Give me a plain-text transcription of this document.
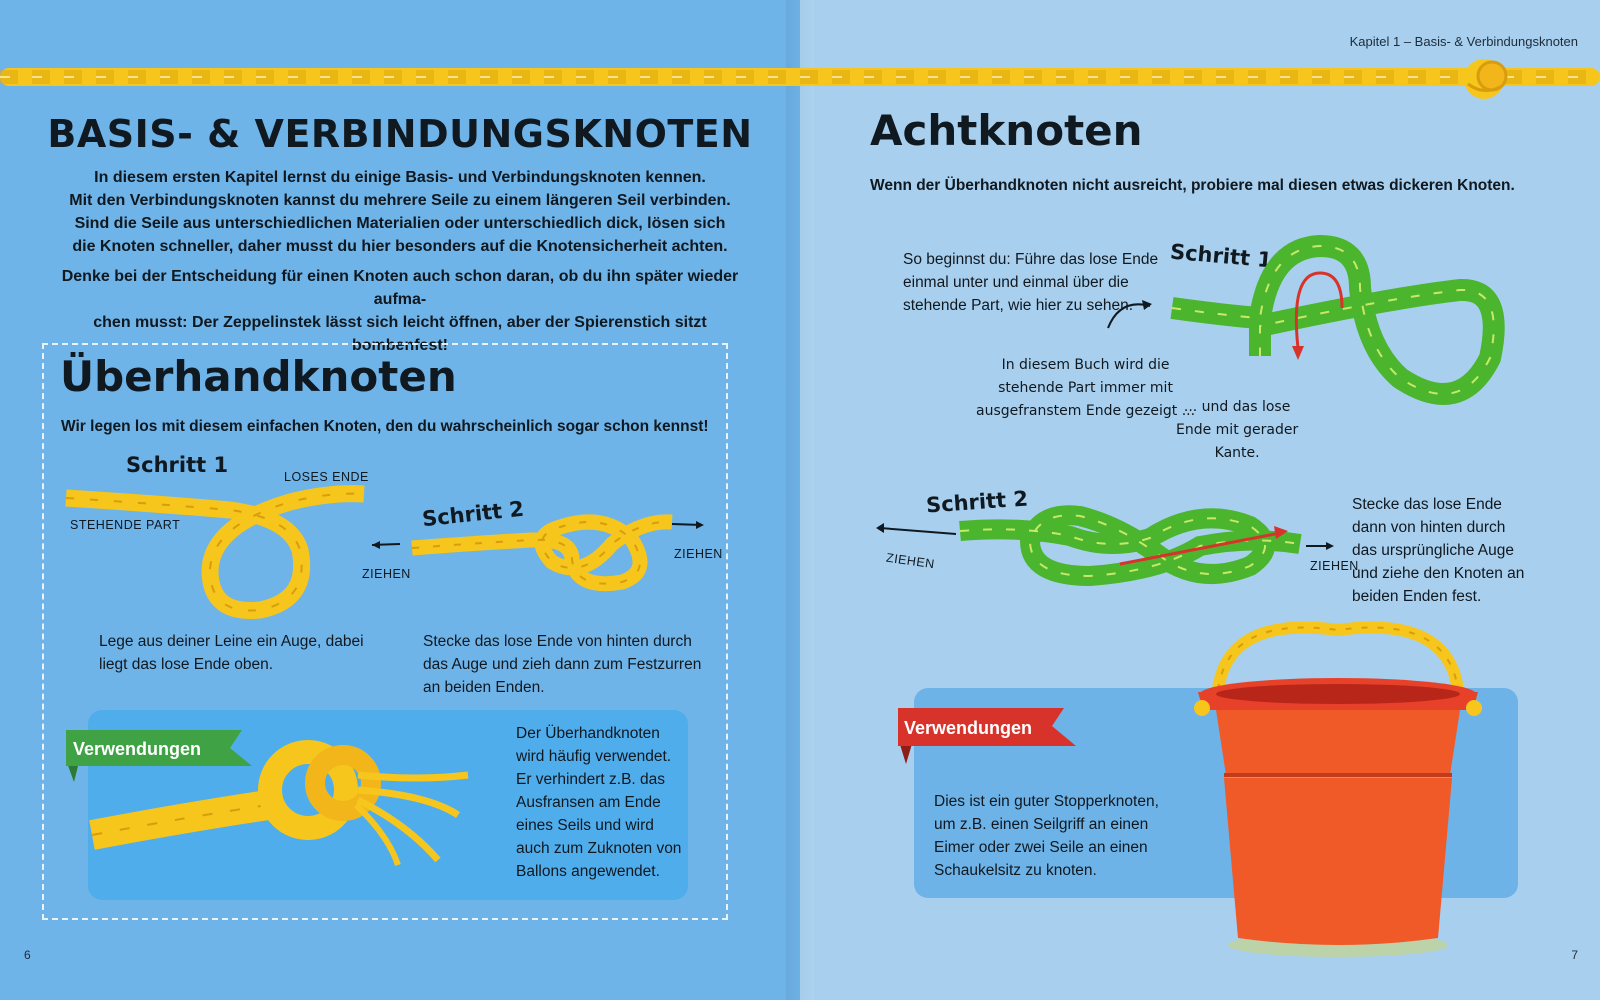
BASIS- & VERBINDUNGSKNOTEN
In diesem ersten Kapitel lernst du einige Basis- und Verbindungsknoten kennen.
Mit den Verbindungsknoten kannst du mehrere Seile zu einem längeren Seil verbinden.
Sind die Seile aus unterschiedlichen Materialien oder unterschiedlich dick, lösen sich
die Knoten schneller, daher musst du hier besonders auf die Knotensicherheit achten.
Denke bei der Entscheidung für einen Knoten auch schon daran, ob du ihn später wieder aufma-
chen musst: Der Zeppelinstek lässt sich leicht öffnen, aber der Spierenstich sitzt bombenfest!
Überhandknoten
Wir legen los mit diesem einfachen Knoten, den du wahrscheinlich sogar schon kennst!
Schritt 1	LOSES ENDE
STEHENDE PART	Schritt 2
ZIEHEN
ZIEHEN
Lege aus deiner Leine ein Auge, dabei
liegt das lose Ende oben.
Stecke das lose Ende von hinten durch
das Auge und zieh dann zum Festzurren
an beiden Enden.
Verwendungen
Der Überhandknoten
wird häufig verwendet.
Er verhindert z.B. das
Ausfransen am Ende
eines Seils und wird
auch zum Zuknoten von
Ballons angewendet.
6
Kapitel 1 – Basis- & Verbindungsknoten
Achtknoten
Wenn der Überhandknoten nicht ausreicht, probiere mal diesen etwas dickeren Knoten.
So beginnst du: Führe das lose Ende
einmal unter und einmal über die
stehende Part, wie hier zu sehen.
Schritt 1
In diesem Buch wird die
stehende Part immer mit
ausgefranstem Ende gezeigt ...
... und das lose
Ende mit gerader
Kante.
Schritt 2
ZIEHEN	ZIEHEN
Stecke das lose Ende
dann von hinten durch
das ursprüngliche Auge
und ziehe den Knoten an
beiden Enden fest.
Verwendungen
Dies ist ein guter Stopperknoten,
um z.B. einen Seilgriff an einen
Eimer oder zwei Seile an einen
Schaukelsitz zu knoten.
7
